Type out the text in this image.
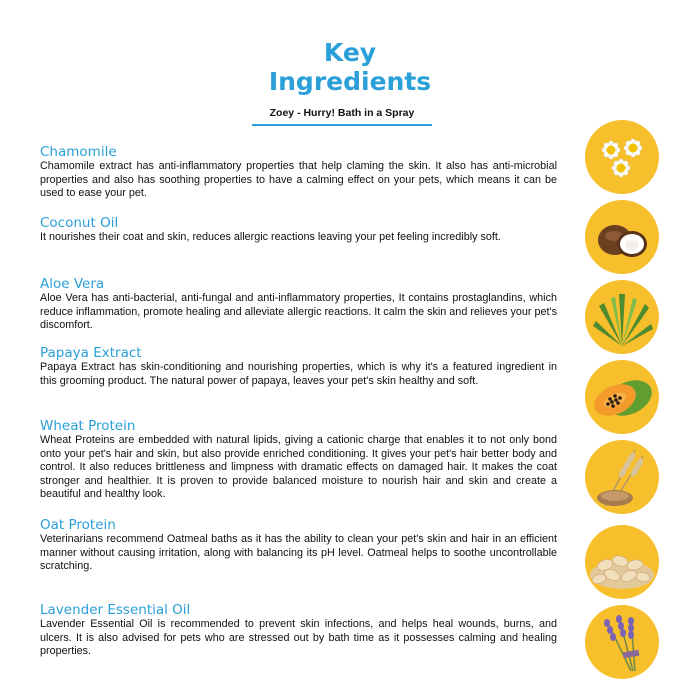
Key
Ingredients
Zoey - Hurry! Bath in a Spray
Chamomile

Chamomile extract has anti-inflammatory properties that help claming the skin. It also has anti-microbial properties and also has soothing properties to have a calming effect on your pets, which means it can be used to ease your pet.

Coconut Oil

It nourishes their coat and skin, reduces allergic reactions leaving your pet feeling incredibly soft.

Aloe Vera

Aloe Vera has anti-bacterial, anti-fungal and anti-inflammatory properties, It contains prostaglandins, which reduce inflammation, promote healing and alleviate allergic reactions. It calm the skin and relieves your pet's discomfort.

Papaya Extract

Papaya Extract has skin-conditioning and nourishing properties, which is why it's a featured ingredient in this grooming product. The natural power of papaya, leaves your pet's skin healthy and soft.

Wheat Protein

Wheat Proteins are embedded with natural lipids, giving a cationic charge that enables it to not only bond onto your pet's hair and skin, but also provide enriched conditioning. It gives your pet's hair better body and control. It also reduces brittleness and limpness with dramatic effects on damaged hair. It makes the coat stronger and healthier. It is proven to provide balanced moisture to nourish hair and skin and create a beautiful and healthy look.

Oat Protein

Veterinarians recommend Oatmeal baths as it has the ability to clean your pet's skin and hair in an efficient manner without causing irritation, along with balancing its pH level. Oatmeal helps to soothe uncontrollable scratching.

Lavender Essential Oil

Lavender Essential Oil is recommended to prevent skin infections, and helps heal wounds, burns, and ulcers. It is also advised for pets who are stressed out by bath time as it possesses calming and healing properties.
